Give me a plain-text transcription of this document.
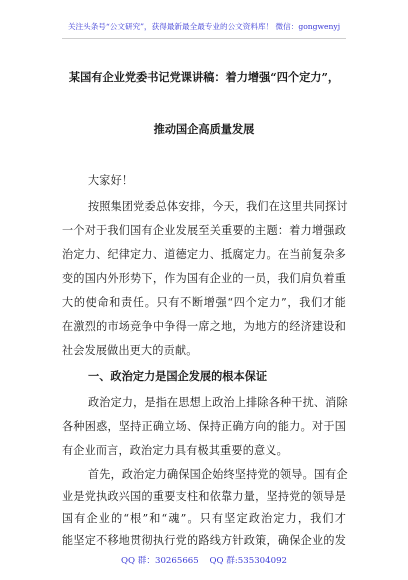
关注头条号“公文研究”，获得最新最全最专业的公文资料库！ 微信：gongwenyj
某国有企业党委书记党课讲稿：着力增强“四个定力”，
推动国企高质量发展
大家好！
按照集团党委总体安排，今天，我们在这里共同探讨
一个对于我们国有企业发展至关重要的主题：着力增强政
治定力、纪律定力、道德定力、抵腐定力。在当前复杂多
变的国内外形势下，作为国有企业的一员，我们肩负着重
大的使命和责任。只有不断增强“四个定力”，我们才能
在激烈的市场竞争中争得一席之地，为地方的经济建设和
社会发展做出更大的贡献。
一、政治定力是国企发展的根本保证
政治定力，是指在思想上政治上排除各种干扰、消除
各种困惑，坚持正确立场、保持正确方向的能力。对于国
有企业而言，政治定力具有极其重要的意义。
首先，政治定力确保国企始终坚持党的领导。国有企
业是党执政兴国的重要支柱和依靠力量，坚持党的领导是
国有企业的“根”和“魂”。只有坚定政治定力，我们才
能坚定不移地贯彻执行党的路线方针政策，确保企业的发
QQ 群：30265665 QQ 群:535304092
